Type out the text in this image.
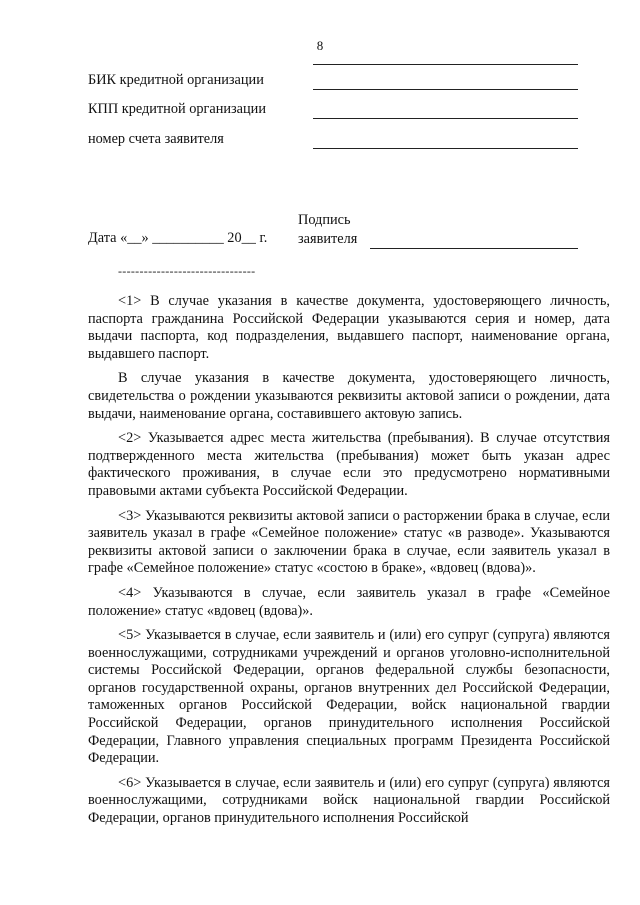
8
БИК кредитной организации
КПП кредитной организации
номер счета заявителя
Дата «__» __________ 20__ г.
Подпись
заявителя
--------------------------------

<1> В случае указания в качестве документа, удостоверяющего личность, паспорта гражданина Российской Федерации указываются серия и номер, дата выдачи паспорта, код подразделения, выдавшего паспорт, наименование органа, выдавшего паспорт.

В случае указания в качестве документа, удостоверяющего личность, свидетельства о рождении указываются реквизиты актовой записи о рождении, дата выдачи, наименование органа, составившего актовую запись.

<2> Указывается адрес места жительства (пребывания). В случае отсутствия подтвержденного места жительства (пребывания) может быть указан адрес фактического проживания, в случае если это предусмотрено нормативными правовыми актами субъекта Российской Федерации.

<3> Указываются реквизиты актовой записи о расторжении брака в случае, если заявитель указал в графе «Семейное положение» статус «в разводе». Указываются реквизиты актовой записи о заключении брака в случае, если заявитель указал в графе «Семейное положение» статус «состою в браке», «вдовец (вдова)».

<4> Указываются в случае, если заявитель указал в графе «Семейное положение» статус «вдовец (вдова)».

<5> Указывается в случае, если заявитель и (или) его супруг (супруга) являются военнослужащими, сотрудниками учреждений и органов уголовно-исполнительной системы Российской Федерации, органов федеральной службы безопасности, органов государственной охраны, органов внутренних дел Российской Федерации, таможенных органов Российской Федерации, войск национальной гвардии Российской Федерации, органов принудительного исполнения Российской Федерации, Главного управления специальных программ Президента Российской Федерации.

<6> Указывается в случае, если заявитель и (или) его супруг (супруга) являются военнослужащими, сотрудниками войск национальной гвардии Российской Федерации, органов принудительного исполнения Российской
